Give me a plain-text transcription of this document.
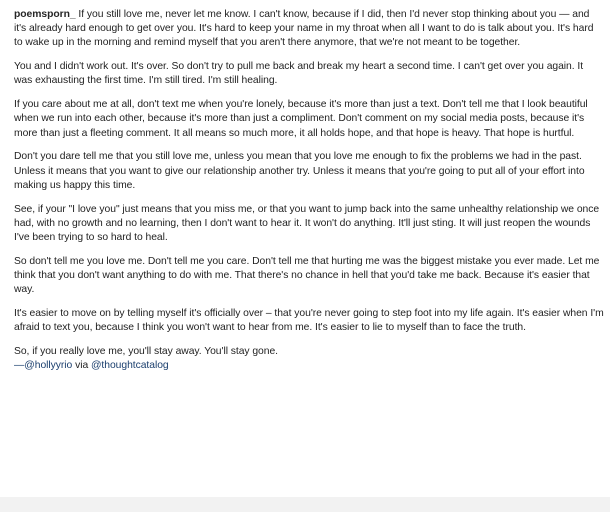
poemsporn_ If you still love me, never let me know. I can't know, because if I did, then I'd never stop thinking about you — and it's already hard enough to get over you. It's hard to keep your name in my throat when all I want to do is talk about you. It's hard to wake up in the morning and remind myself that you aren't there anymore, that we're not meant to be together.

You and I didn't work out. It's over. So don't try to pull me back and break my heart a second time. I can't get over you again. It was exhausting the first time. I'm still tired. I'm still healing.

If you care about me at all, don't text me when you're lonely, because it's more than just a text. Don't tell me that I look beautiful when we run into each other, because it's more than just a compliment. Don't comment on my social media posts, because it's more than just a fleeting comment. It all means so much more, it all holds hope, and that hope is heavy. That hope is hurtful.

Don't you dare tell me that you still love me, unless you mean that you love me enough to fix the problems we had in the past. Unless it means that you want to give our relationship another try. Unless it means that you're going to put all of your effort into making us happy this time.

See, if your "I love you" just means that you miss me, or that you want to jump back into the same unhealthy relationship we once had, with no growth and no learning, then I don't want to hear it. It won't do anything. It'll just sting. It will just reopen the wounds I've been trying to so hard to heal.

So don't tell me you love me. Don't tell me you care. Don't tell me that hurting me was the biggest mistake you ever made. Let me think that you don't want anything to do with me. That there's no chance in hell that you'd take me back. Because it's easier that way.

It's easier to move on by telling myself it's officially over – that you're never going to step foot into my life again. It's easier when I'm afraid to text you, because I think you won't want to hear from me. It's easier to lie to myself than to face the truth.

So, if you really love me, you'll stay away. You'll stay gone.
—@hollyyrio via @thoughtcatalog
